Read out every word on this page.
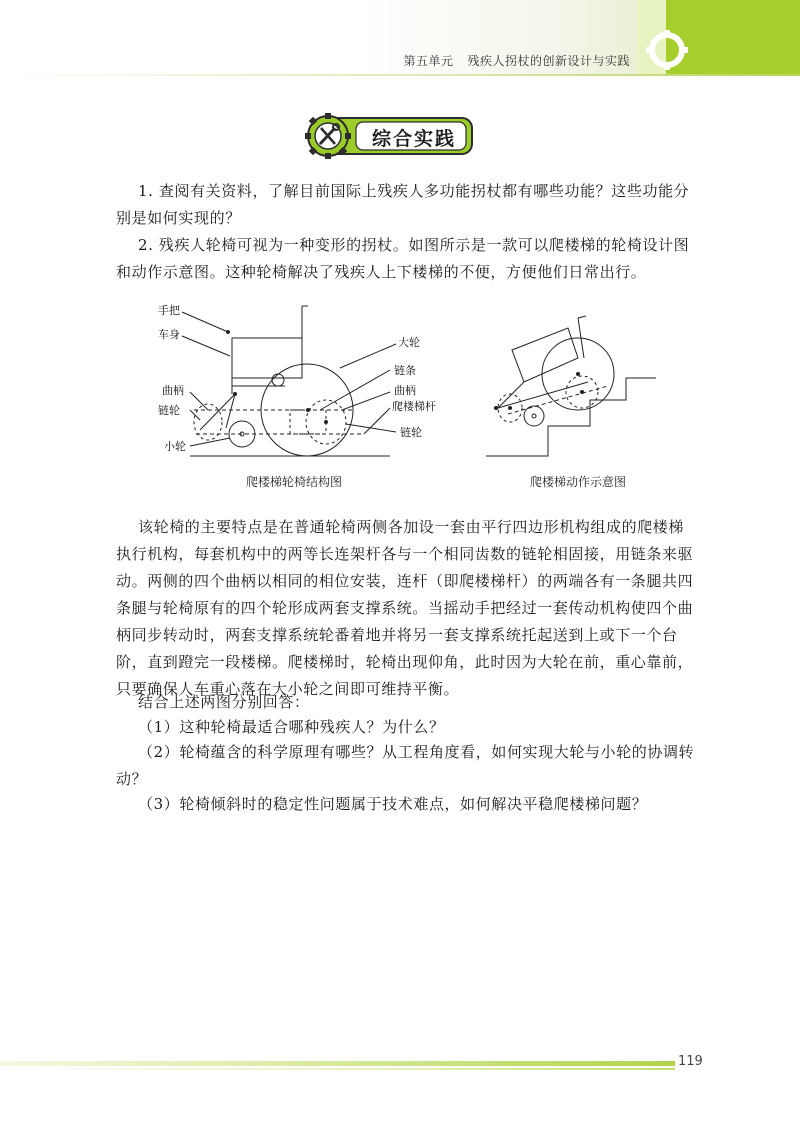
第五单元 残疾人拐杖的创新设计与实践
综合实践

1. 查阅有关资料，了解目前国际上残疾人多功能拐杖都有哪些功能？这些功能分别是如何实现的？

2. 残疾人轮椅可视为一种变形的拐杖。如图所示是一款可以爬楼梯的轮椅设计图和动作示意图。这种轮椅解决了残疾人上下楼梯的不便，方便他们日常出行。

手把
车身
曲柄
链轮
小轮
大轮
链条
曲柄
爬楼梯杆
链轮
爬楼梯轮椅结构图	爬楼梯动作示意图

该轮椅的主要特点是在普通轮椅两侧各加设一套由平行四边形机构组成的爬楼梯执行机构，每套机构中的两等长连架杆各与一个相同齿数的链轮相固接，用链条来驱动。两侧的四个曲柄以相同的相位安装，连杆（即爬楼梯杆）的两端各有一条腿共四条腿与轮椅原有的四个轮形成两套支撑系统。当摇动手把经过一套传动机构使四个曲柄同步转动时，两套支撑系统轮番着地并将另一套支撑系统托起送到上或下一个台阶，直到蹬完一段楼梯。爬楼梯时，轮椅出现仰角，此时因为大轮在前，重心靠前，只要确保人车重心落在大小轮之间即可维持平衡。

结合上述两图分别回答：

（1）这种轮椅最适合哪种残疾人？为什么？

（2）轮椅蕴含的科学原理有哪些？从工程角度看，如何实现大轮与小轮的协调转动？

（3）轮椅倾斜时的稳定性问题属于技术难点，如何解决平稳爬楼梯问题？

119
